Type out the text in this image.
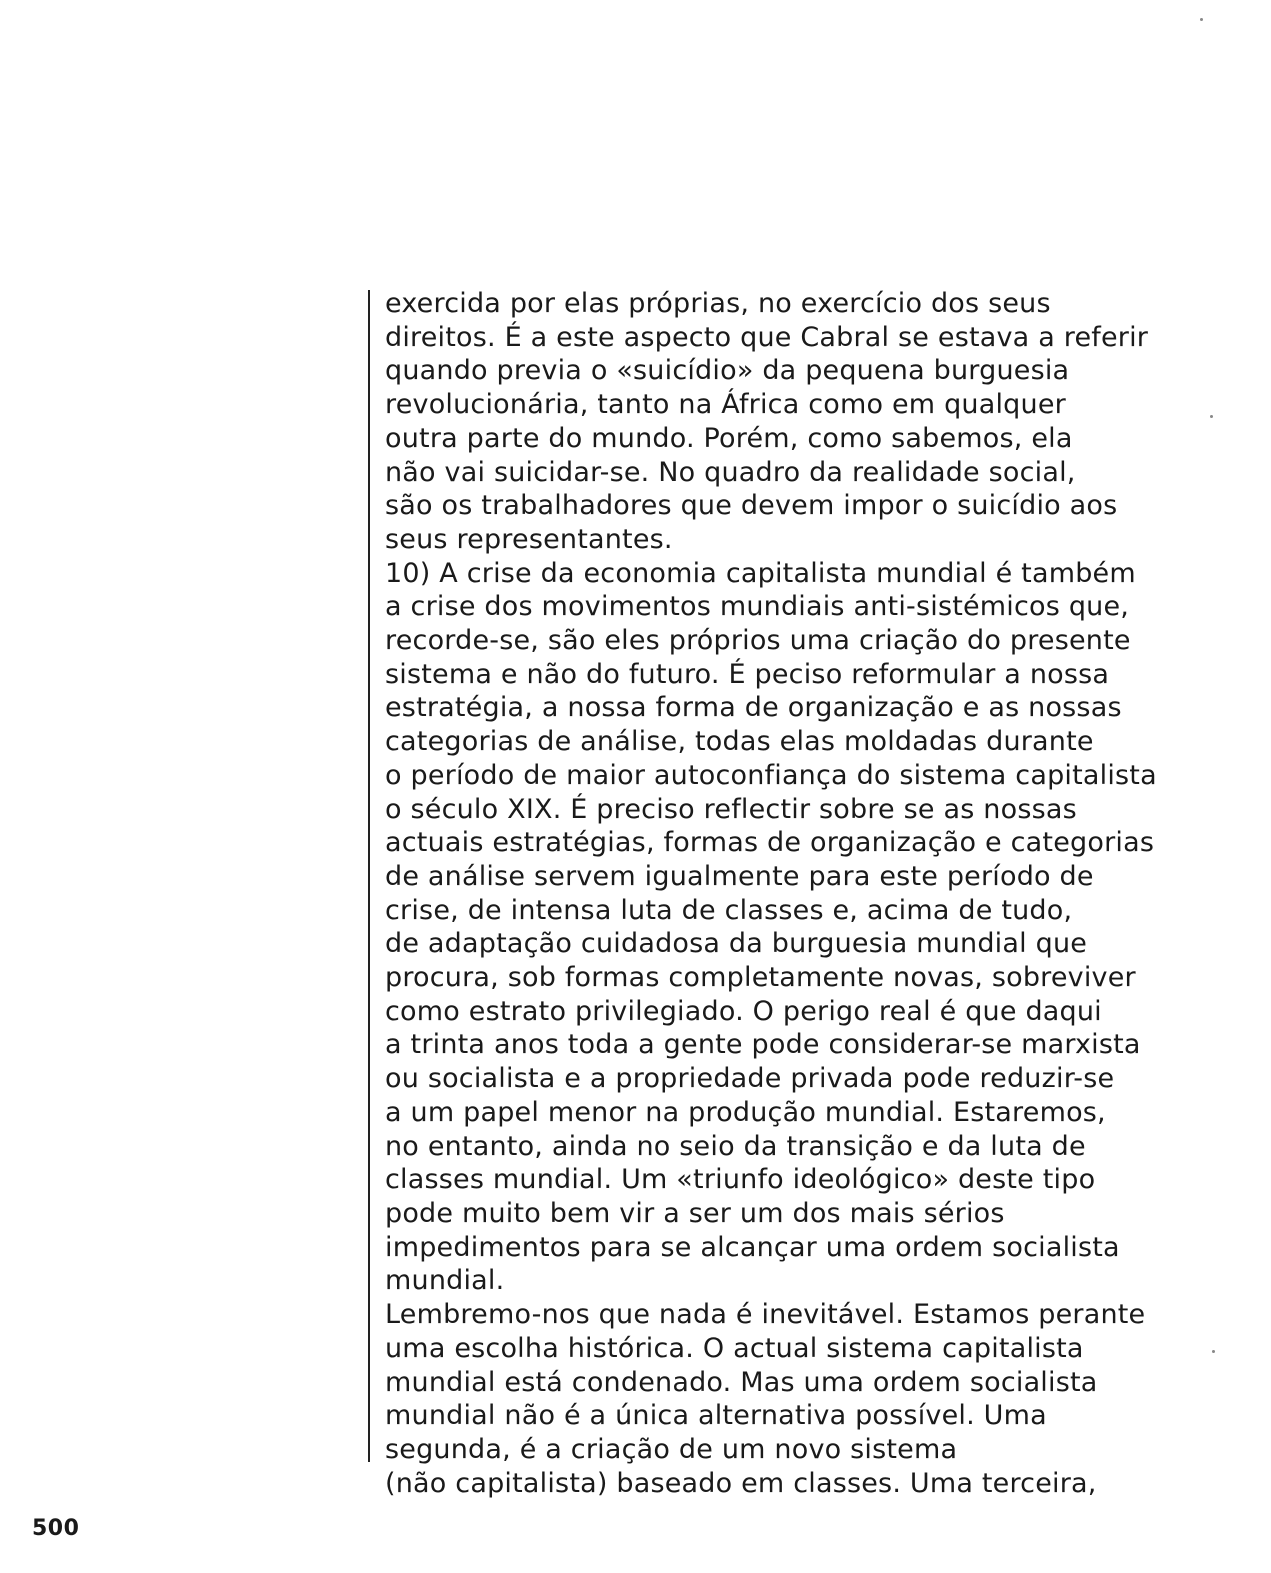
exercida por elas próprias, no exercício dos seus
direitos. É a este aspecto que Cabral se estava a referir
quando previa o «suicídio» da pequena burguesia
revolucionária, tanto na África como em qualquer
outra parte do mundo. Porém, como sabemos, ela
não vai suicidar-se. No quadro da realidade social,
são os trabalhadores que devem impor o suicídio aos
seus representantes.
10) A crise da economia capitalista mundial é também
a crise dos movimentos mundiais anti-sistémicos que,
recorde-se, são eles próprios uma criação do presente
sistema e não do futuro. É peciso reformular a nossa
estratégia, a nossa forma de organização e as nossas
categorias de análise, todas elas moldadas durante
o período de maior autoconfiança do sistema capitalista
o século XIX. É preciso reflectir sobre se as nossas
actuais estratégias, formas de organização e categorias
de análise servem igualmente para este período de
crise, de intensa luta de classes e, acima de tudo,
de adaptação cuidadosa da burguesia mundial que
procura, sob formas completamente novas, sobreviver
como estrato privilegiado. O perigo real é que daqui
a trinta anos toda a gente pode considerar-se marxista
ou socialista e a propriedade privada pode reduzir-se
a um papel menor na produção mundial. Estaremos,
no entanto, ainda no seio da transição e da luta de
classes mundial. Um «triunfo ideológico» deste tipo
pode muito bem vir a ser um dos mais sérios
impedimentos para se alcançar uma ordem socialista
mundial.
Lembremo-nos que nada é inevitável. Estamos perante
uma escolha histórica. O actual sistema capitalista
mundial está condenado. Mas uma ordem socialista
mundial não é a única alternativa possível. Uma
segunda, é a criação de um novo sistema
(não capitalista) baseado em classes. Uma terceira,
500
